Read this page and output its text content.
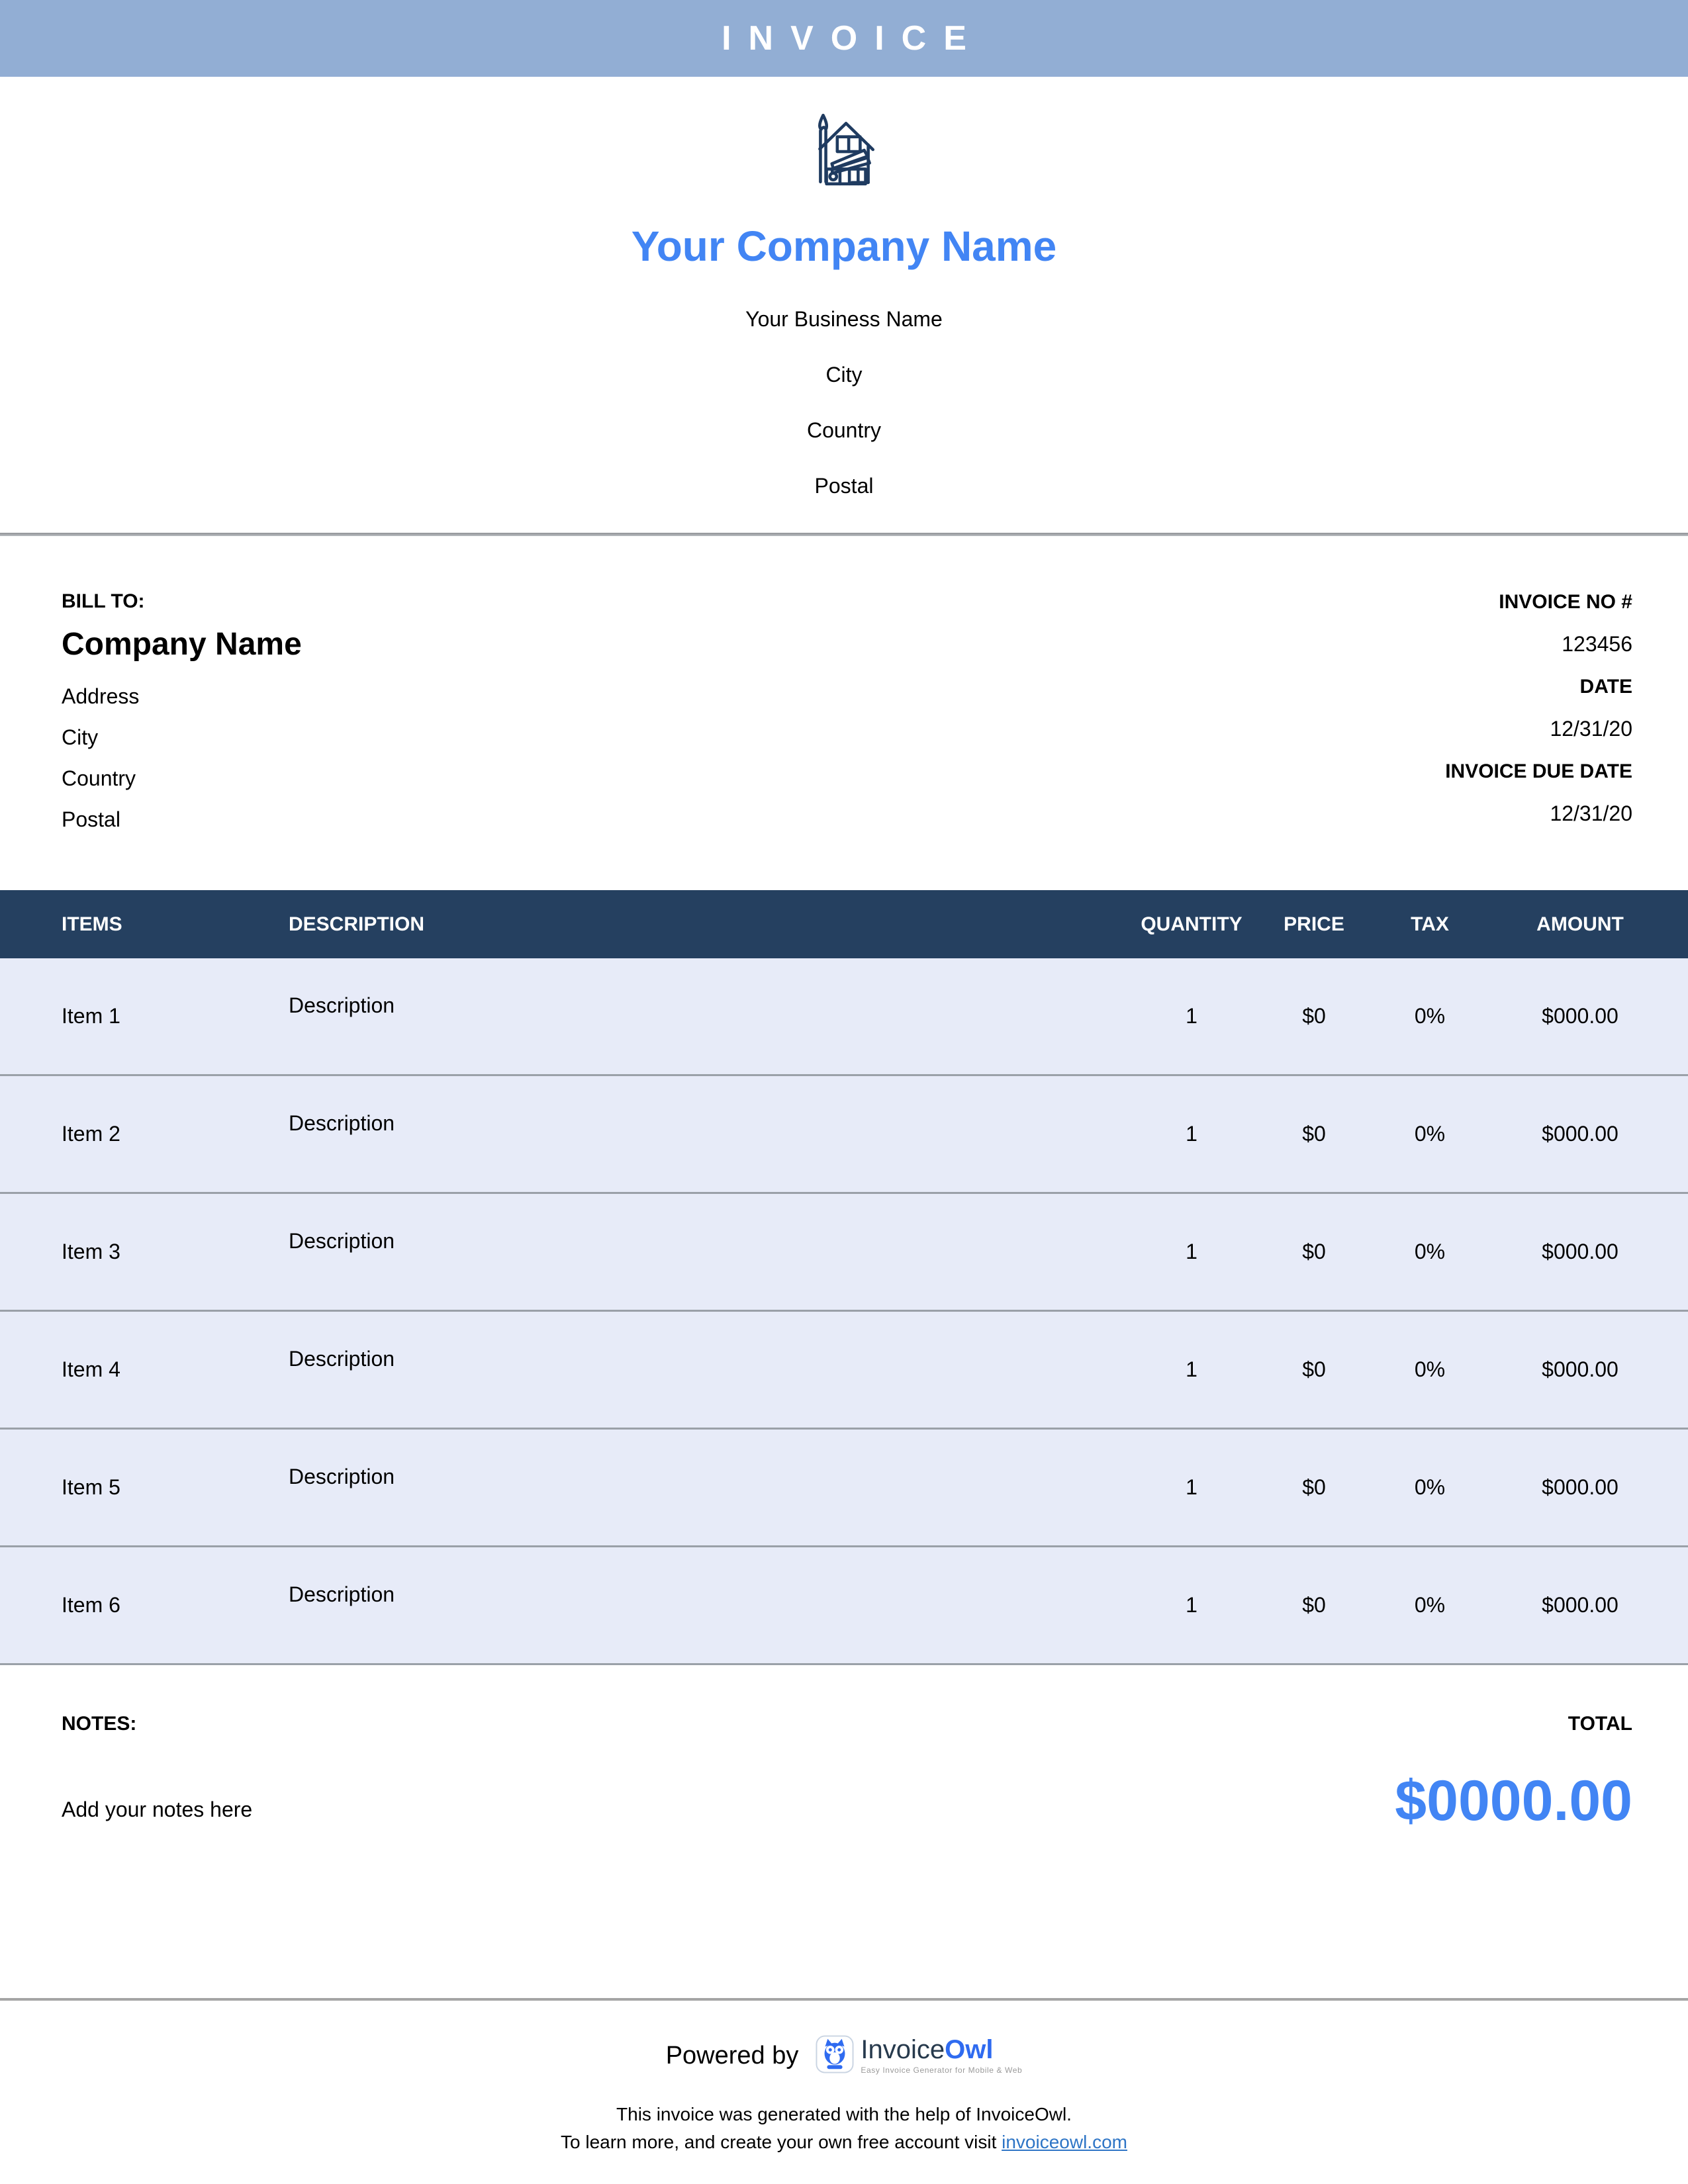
INVOICE
Your Company Name
Your Business Name
City
Country
Postal
BILL TO:
Company Name
Address
City
Country
Postal
INVOICE NO #
123456
DATE
12/31/20
INVOICE DUE DATE
12/31/20
ITEMS	DESCRIPTION	QUANTITY	PRICE	TAX	AMOUNT
Item 1	Description	1	$0	0%	$000.00
Item 2	Description	1	$0	0%	$000.00
Item 3	Description	1	$0	0%	$000.00
Item 4	Description	1	$0	0%	$000.00
Item 5	Description	1	$0	0%	$000.00
Item 6	Description	1	$0	0%	$000.00
NOTES:
Add your notes here
TOTAL
$0000.00
Powered by InvoiceOwl
Easy Invoice Generator for Mobile & Web
This invoice was generated with the help of InvoiceOwl.
To learn more, and create your own free account visit invoiceowl.com
